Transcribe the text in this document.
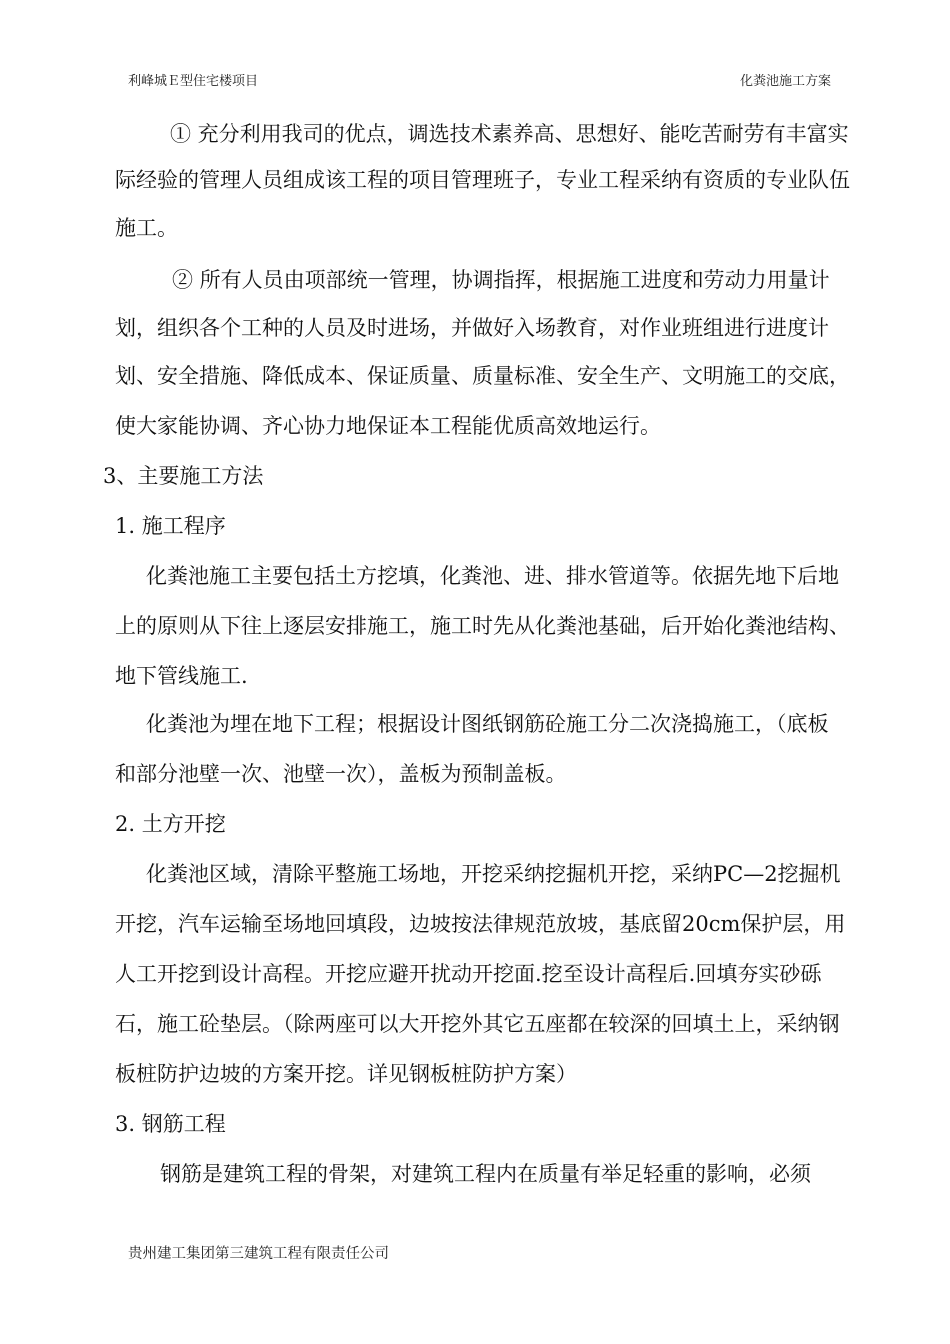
利峰城Ｅ型住宅楼项目	化粪池施工方案
① 充分利用我司的优点，调选技术素养高、思想好、能吃苦耐劳有丰富实
际经验的管理人员组成该工程的项目管理班子，专业工程采纳有资质的专业队伍
施工。
② 所有人员由项部统一管理，协调指挥，根据施工进度和劳动力用量计
划，组织各个工种的人员及时进场，并做好入场教育，对作业班组进行进度计
划、安全措施、降低成本、保证质量、质量标准、安全生产、文明施工的交底，
使大家能协调、齐心协力地保证本工程能优质高效地运行。
3、主要施工方法
1. 施工程序
化粪池施工主要包括土方挖填，化粪池、进、排水管道等。依据先地下后地
上的原则从下往上逐层安排施工，施工时先从化粪池基础，后开始化粪池结构、
地下管线施工.
化粪池为埋在地下工程；根据设计图纸钢筋砼施工分二次浇捣施工，（底板
和部分池壁一次、池壁一次），盖板为预制盖板。
2. 土方开挖
化粪池区域，清除平整施工场地，开挖采纳挖掘机开挖，采纳PC—2挖掘机
开挖，汽车运输至场地回填段，边坡按法律规范放坡，基底留20cm保护层，用
人工开挖到设计高程。开挖应避开扰动开挖面.挖至设计高程后.回填夯实砂砾
石，施工砼垫层。（除两座可以大开挖外其它五座都在较深的回填土上，采纳钢
板桩防护边坡的方案开挖。详见钢板桩防护方案）
3. 钢筋工程
钢筋是建筑工程的骨架，对建筑工程内在质量有举足轻重的影响，必须
贵州建工集团第三建筑工程有限责任公司
